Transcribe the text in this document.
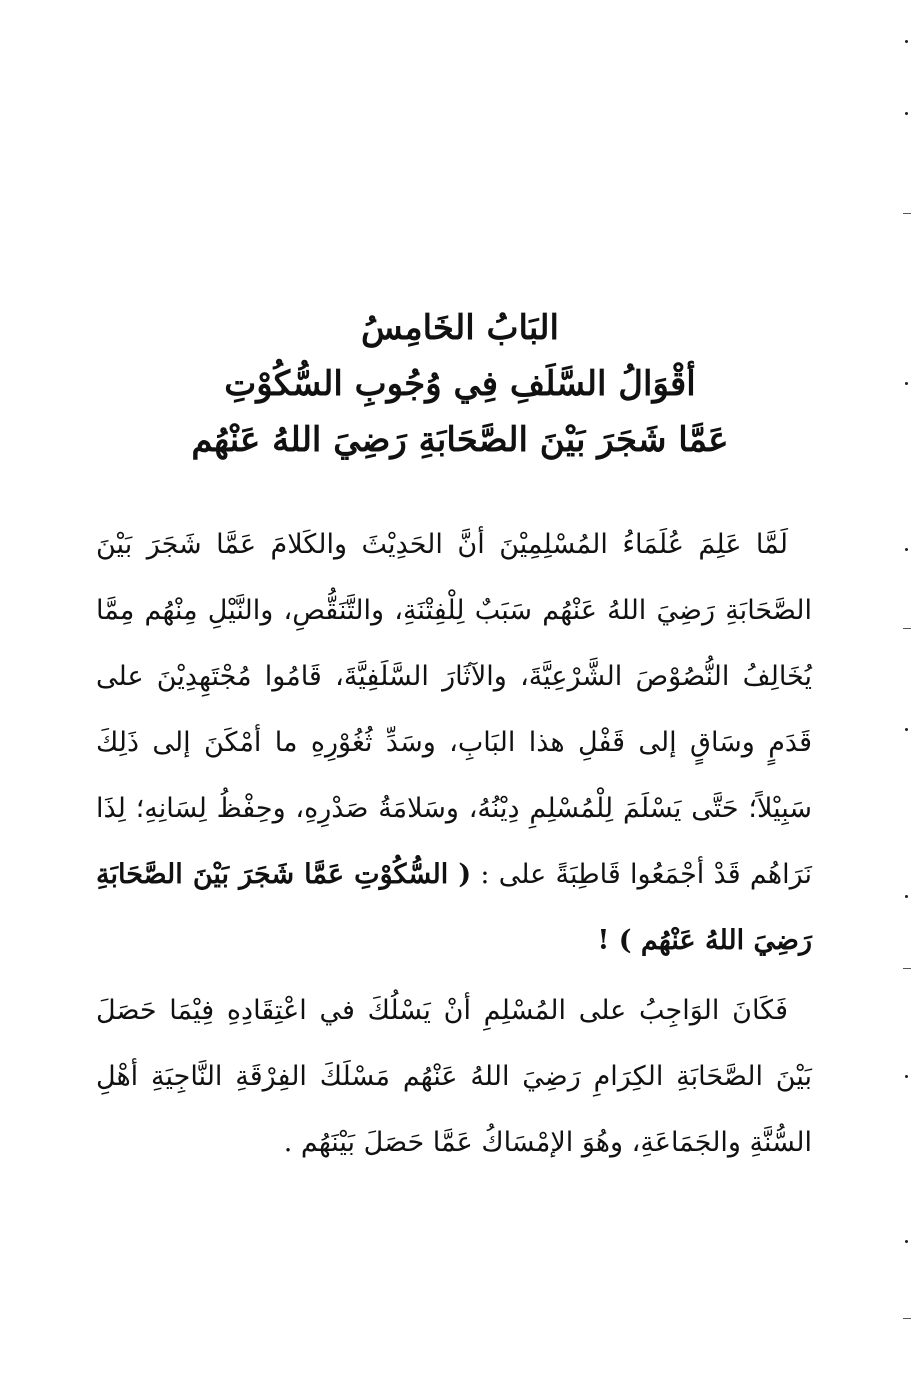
البَابُ الخَامِسُ

أقْوَالُ السَّلَفِ فِي وُجُوبِ السُّكُوْتِ

عَمَّا شَجَرَ بَيْنَ الصَّحَابَةِ رَضِيَ اللهُ عَنْهُم

لَمَّا عَلِمَ عُلَمَاءُ المُسْلِمِيْنَ أنَّ الحَدِيْثَ والكَلامَ عَمَّا شَجَرَ بَيْنَ الصَّحَابَةِ رَضِيَ اللهُ عَنْهُم سَبَبٌ لِلْفِتْنَةِ، والتَّنَقُّصِ، والنَّيْلِ مِنْهُم مِمَّا يُخَالِفُ النُّصُوْصَ الشَّرْعِيَّةَ، والآثَارَ السَّلَفِيَّةَ، قَامُوا مُجْتَهِدِيْنَ على قَدَمٍ وسَاقٍ إلى قَفْلِ هذا البَابِ، وسَدِّ ثُغُوْرِهِ ما أمْكَنَ إلى ذَلِكَ سَبِيْلاً؛ حَتَّى يَسْلَمَ لِلْمُسْلِمِ دِيْنُهُ، وسَلامَةُ صَدْرِهِ، وحِفْظُ لِسَانِهِ؛ لِذَا نَرَاهُم قَدْ أجْمَعُوا قَاطِبَةً على : ( السُّكُوْتِ عَمَّا شَجَرَ بَيْنَ الصَّحَابَةِ رَضِيَ اللهُ عَنْهُم ) !

فَكَانَ الوَاجِبُ على المُسْلِمِ أنْ يَسْلُكَ في اعْتِقَادِهِ فِيْمَا حَصَلَ بَيْنَ الصَّحَابَةِ الكِرَامِ رَضِيَ اللهُ عَنْهُم مَسْلَكَ الفِرْقَةِ النَّاجِيَةِ أهْلِ السُّنَّةِ والجَمَاعَةِ، وهُوَ الإمْسَاكُ عَمَّا حَصَلَ بَيْنَهُم .
